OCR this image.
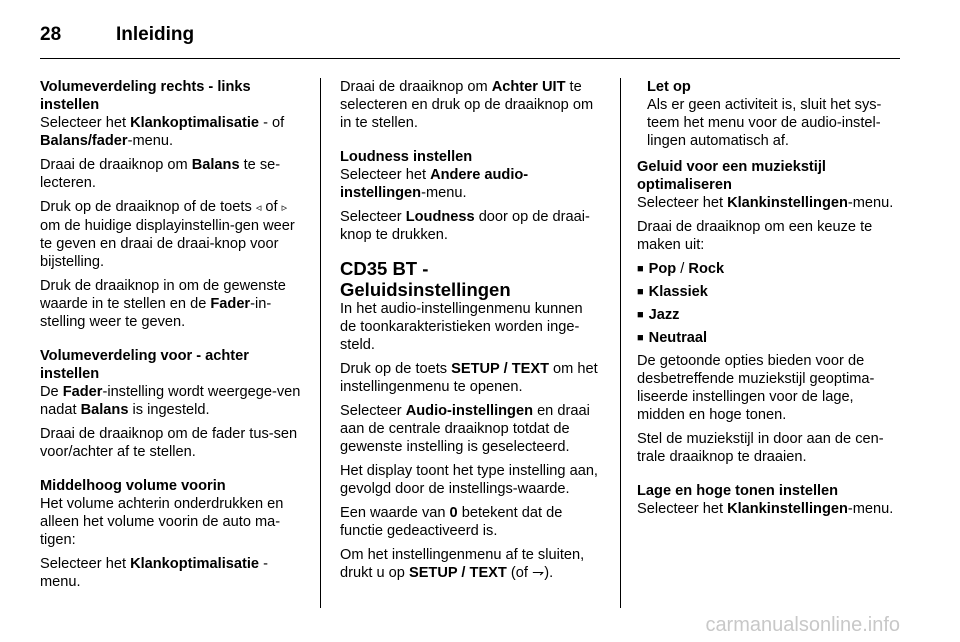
28	Inleiding

Volumeverdeling rechts - links instellen

Selecteer het Klankoptimalisatie - of Balans/fader-menu.

Draai de draaiknop om Balans te se-lecteren.

Druk op de draaiknop of de toets ◃ of ▹ om de huidige displayinstellin-gen weer te geven en draai de draai-knop voor bijstelling.

Druk de draaiknop in om de gewenste waarde in te stellen en de Fader-in-stelling weer te geven.

Volumeverdeling voor - achter instellen

De Fader-instelling wordt weergege-ven nadat Balans is ingesteld.

Draai de draaiknop om de fader tus-sen voor/achter af te stellen.

Middelhoog volume voorin

Het volume achterin onderdrukken en alleen het volume voorin de auto ma-tigen:

Selecteer het Klankoptimalisatie -menu.

Draai de draaiknop om Achter UIT te selecteren en druk op de draaiknop om in te stellen.

Loudness instellen

Selecteer het Andere audio-instellingen-menu.

Selecteer Loudness door op de draai-knop te drukken.

CD35 BT - Geluidsinstellingen

In het audio-instellingenmenu kunnen de toonkarakteristieken worden inge-steld.

Druk op de toets SETUP / TEXT om het instellingenmenu te openen.

Selecteer Audio-instellingen en draai aan de centrale draaiknop totdat de gewenste instelling is geselecteerd.

Het display toont het type instelling aan, gevolgd door de instellings-waarde.

Een waarde van 0 betekent dat de functie gedeactiveerd is.

Om het instellingenmenu af te sluiten, drukt u op SETUP / TEXT (of ⇁).

Let op

Als er geen activiteit is, sluit het sys-teem het menu voor de audio-instel-lingen automatisch af.

Geluid voor een muziekstijl optimaliseren

Selecteer het Klankinstellingen-menu.

Draai de draaiknop om een keuze te maken uit:

■ Pop / Rock

■ Klassiek

■ Jazz

■ Neutraal

De getoonde opties bieden voor de desbetreffende muziekstijl geoptima-liseerde instellingen voor de lage, midden en hoge tonen.

Stel de muziekstijl in door aan de cen-trale draaiknop te draaien.

Lage en hoge tonen instellen

Selecteer het Klankinstellingen-menu.

carmanualsonline.info
